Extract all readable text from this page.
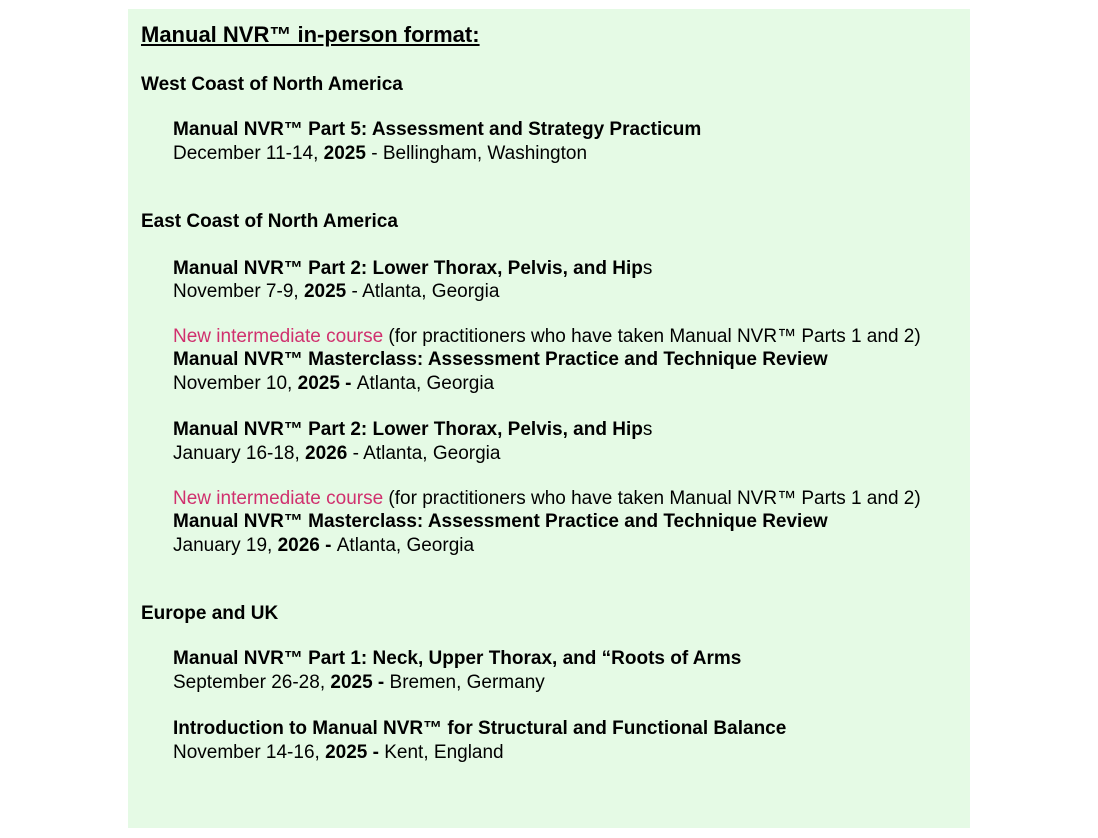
Manual NVR™ in-person format:
West Coast of North America
Manual NVR™ Part 5: Assessment and Strategy Practicum
December 11-14, 2025 - Bellingham, Washington
East Coast of North America
Manual NVR™ Part 2: Lower Thorax, Pelvis, and Hips
November 7-9, 2025 - Atlanta, Georgia
New intermediate course (for practitioners who have taken Manual NVR™ Parts 1 and 2)
Manual NVR™ Masterclass: Assessment Practice and Technique Review
November 10, 2025 - Atlanta, Georgia
Manual NVR™ Part 2: Lower Thorax, Pelvis, and Hips
January 16-18, 2026 - Atlanta, Georgia
New intermediate course (for practitioners who have taken Manual NVR™ Parts 1 and 2)
Manual NVR™ Masterclass: Assessment Practice and Technique Review
January 19, 2026 - Atlanta, Georgia
Europe and UK
Manual NVR™ Part 1: Neck, Upper Thorax, and “Roots of Arms
September 26-28, 2025 - Bremen, Germany
Introduction to Manual NVR™ for Structural and Functional Balance
November 14-16, 2025 - Kent, England
